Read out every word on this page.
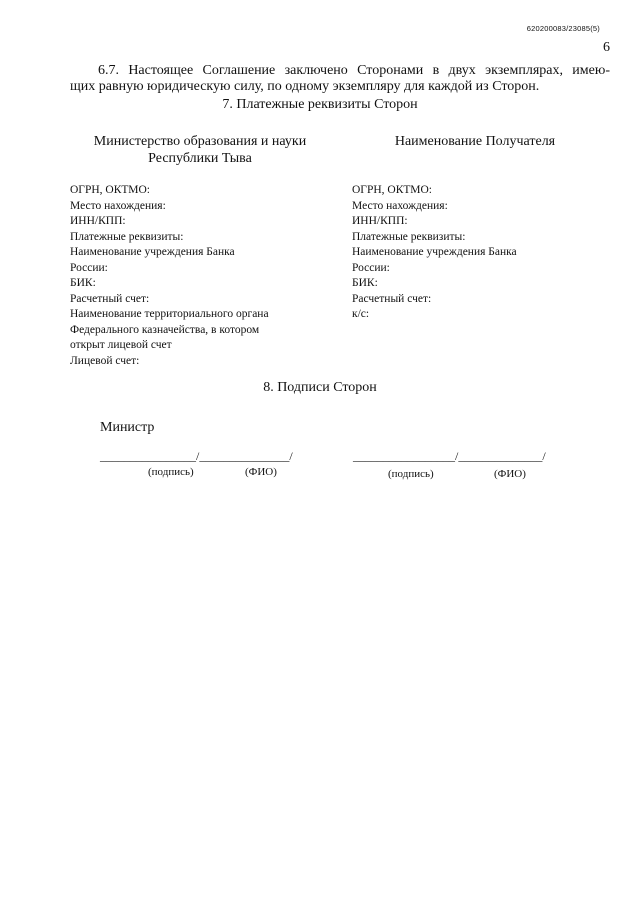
620200083/23085(5)
6
6.7. Настоящее Соглашение заключено Сторонами в двух экземплярах, имею-
щих равную юридическую силу, по одному экземпляру для каждой из Сторон.
7. Платежные реквизиты Сторон
Министерство образования и науки
Республики Тыва
Наименование Получателя
ОГРН, ОКТМО:
Место нахождения:
ИНН/КПП:
Платежные реквизиты:
Наименование учреждения Банка
России:
БИК:
Расчетный счет:
Наименование территориального органа
Федерального казначейства, в котором
открыт лицевой счет
Лицевой счет:
ОГРН, ОКТМО:
Место нахождения:
ИНН/КПП:
Платежные реквизиты:
Наименование учреждения Банка
России:
БИК:
Расчетный счет:
к/с:
8. Подписи Сторон
Министр
________________/_______________/
(подпись)	(ФИО)
_________________/______________/
(подпись)	(ФИО)
